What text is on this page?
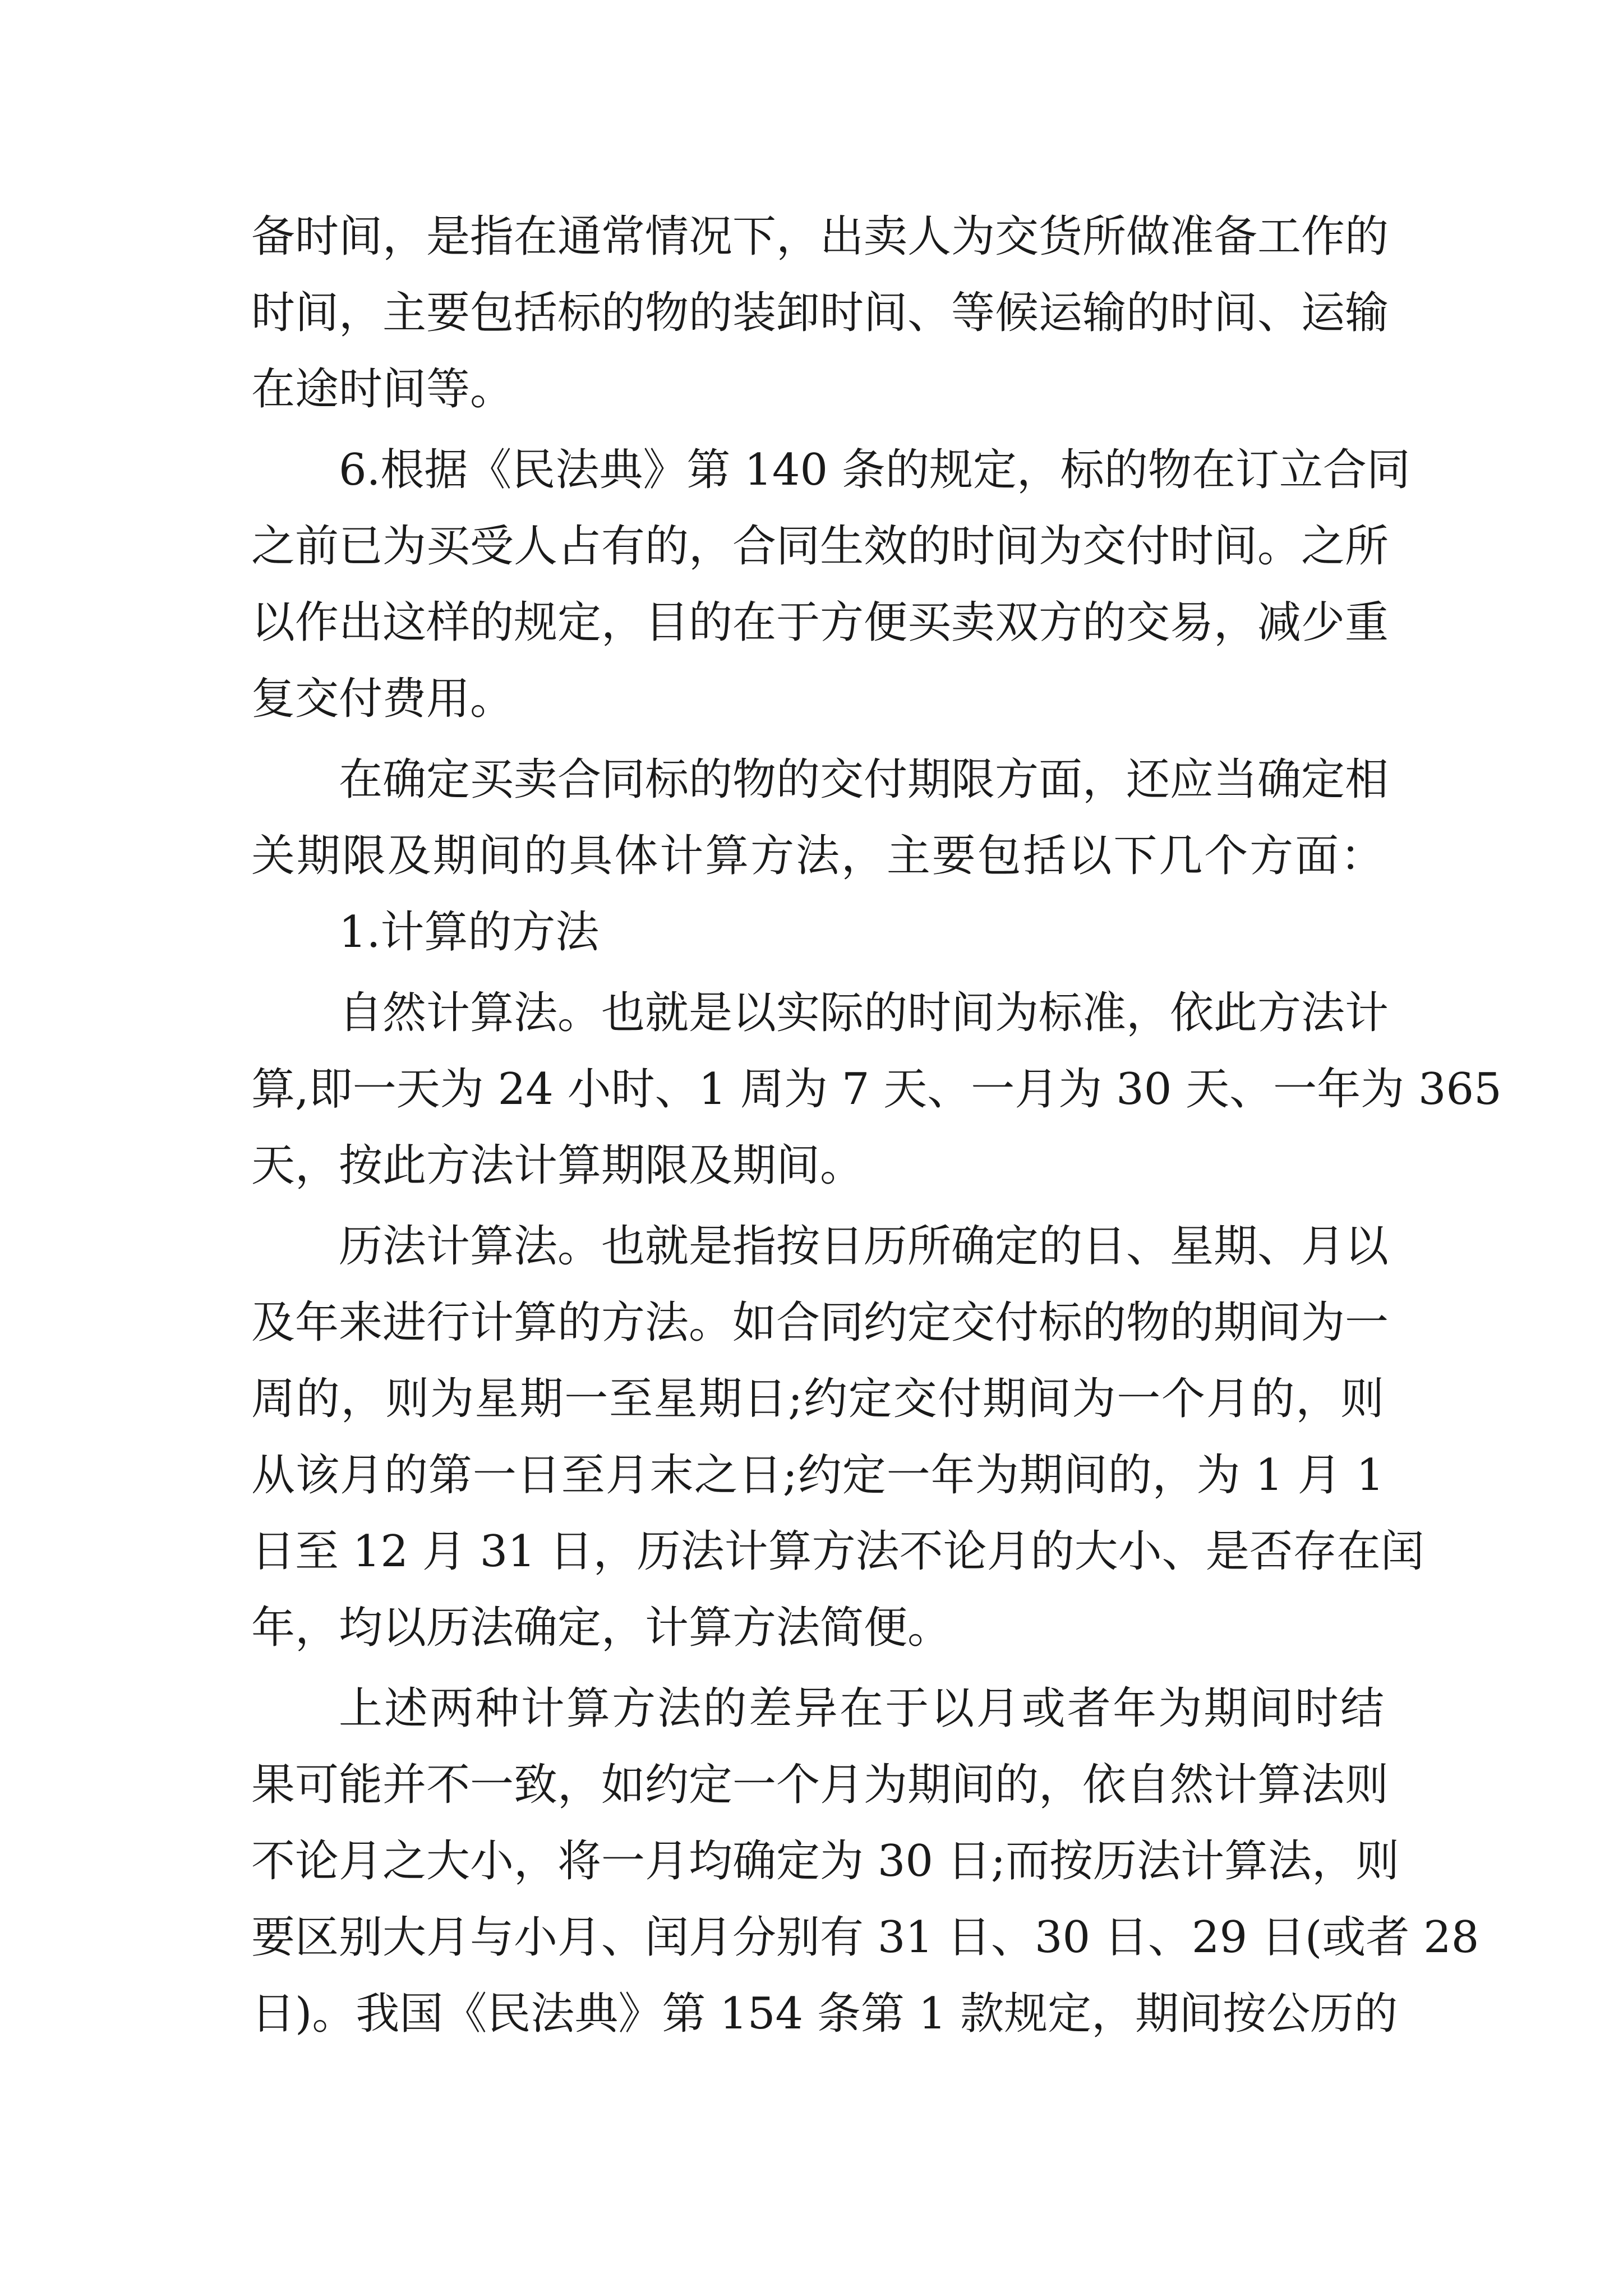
备时间，是指在通常情况下，出卖人为交货所做准备工作的
时间，主要包括标的物的装卸时间、等候运输的时间、运输
在途时间等。
6.根据《民法典》第 140 条的规定，标的物在订立合同
之前已为买受人占有的，合同生效的时间为交付时间。之所
以作出这样的规定，目的在于方便买卖双方的交易，减少重
复交付费用。
在确定买卖合同标的物的交付期限方面，还应当确定相
关期限及期间的具体计算方法，主要包括以下几个方面：
1.计算的方法
自然计算法。也就是以实际的时间为标准，依此方法计
算,即一天为 24 小时、1 周为 7 天、一月为 30 天、一年为 365
天，按此方法计算期限及期间。
历法计算法。也就是指按日历所确定的日、星期、月以
及年来进行计算的方法。如合同约定交付标的物的期间为一
周的，则为星期一至星期日;约定交付期间为一个月的，则
从该月的第一日至月末之日;约定一年为期间的，为 1 月 1
日至 12 月 31 日，历法计算方法不论月的大小、是否存在闰
年，均以历法确定，计算方法简便。
上述两种计算方法的差异在于以月或者年为期间时结
果可能并不一致，如约定一个月为期间的，依自然计算法则
不论月之大小，将一月均确定为 30 日;而按历法计算法，则
要区别大月与小月、闰月分别有 31 日、30 日、29 日(或者 28
日)。我国《民法典》第 154 条第 1 款规定，期间按公历的
